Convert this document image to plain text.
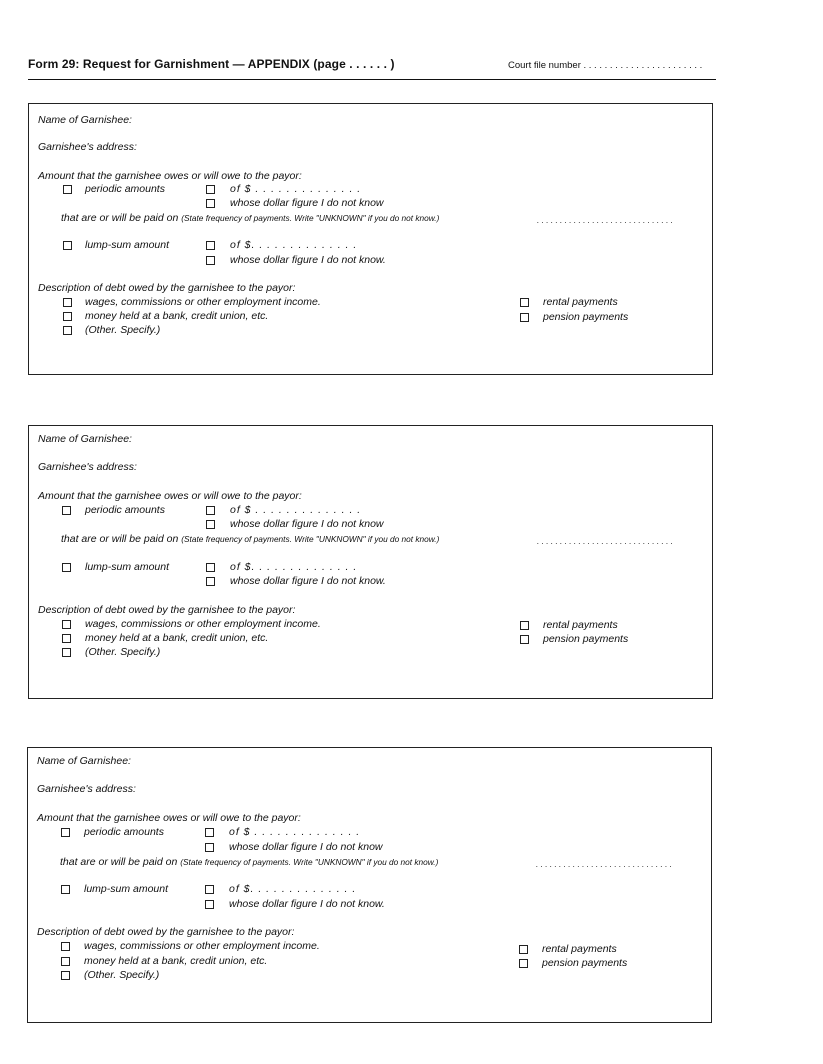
Form 29: Request for Garnishment — APPENDIX (page . . . . . . )	Court file number . . . . . . . . . . . . . . . . . . . . . . .
Name of Garnishee:
Garnishee's address:
Amount that the garnishee owes or will owe to the payor:
periodic amounts	of $ . . . . . . . . . . . . . .
whose dollar figure I do not know
that are or will be paid on (State frequency of payments. Write "UNKNOWN" if you do not know.)	. . . . . . . . . . . . . . . . . . . . . . . . . . . . . .
lump-sum amount	of $. . . . . . . . . . . . . .
whose dollar figure I do not know.
Description of debt owed by the garnishee to the payor:
wages, commissions or other employment income.
money held at a bank, credit union, etc.
(Other. Specify.)
rental payments
pension payments
Name of Garnishee:
Garnishee's address:
Amount that the garnishee owes or will owe to the payor:
periodic amounts	of $ . . . . . . . . . . . . . .
whose dollar figure I do not know
that are or will be paid on (State frequency of payments. Write "UNKNOWN" if you do not know.)	. . . . . . . . . . . . . . . . . . . . . . . . . . . . . .
lump-sum amount	of $. . . . . . . . . . . . . .
whose dollar figure I do not know.
Description of debt owed by the garnishee to the payor:
wages, commissions or other employment income.
money held at a bank, credit union, etc.
(Other. Specify.)
rental payments
pension payments
Name of Garnishee:
Garnishee's address:
Amount that the garnishee owes or will owe to the payor:
periodic amounts	of $ . . . . . . . . . . . . . .
whose dollar figure I do not know
that are or will be paid on (State frequency of payments. Write "UNKNOWN" if you do not know.)	. . . . . . . . . . . . . . . . . . . . . . . . . . . . . .
lump-sum amount	of $. . . . . . . . . . . . . .
whose dollar figure I do not know.
Description of debt owed by the garnishee to the payor:
wages, commissions or other employment income.
money held at a bank, credit union, etc.
(Other. Specify.)
rental payments
pension payments
